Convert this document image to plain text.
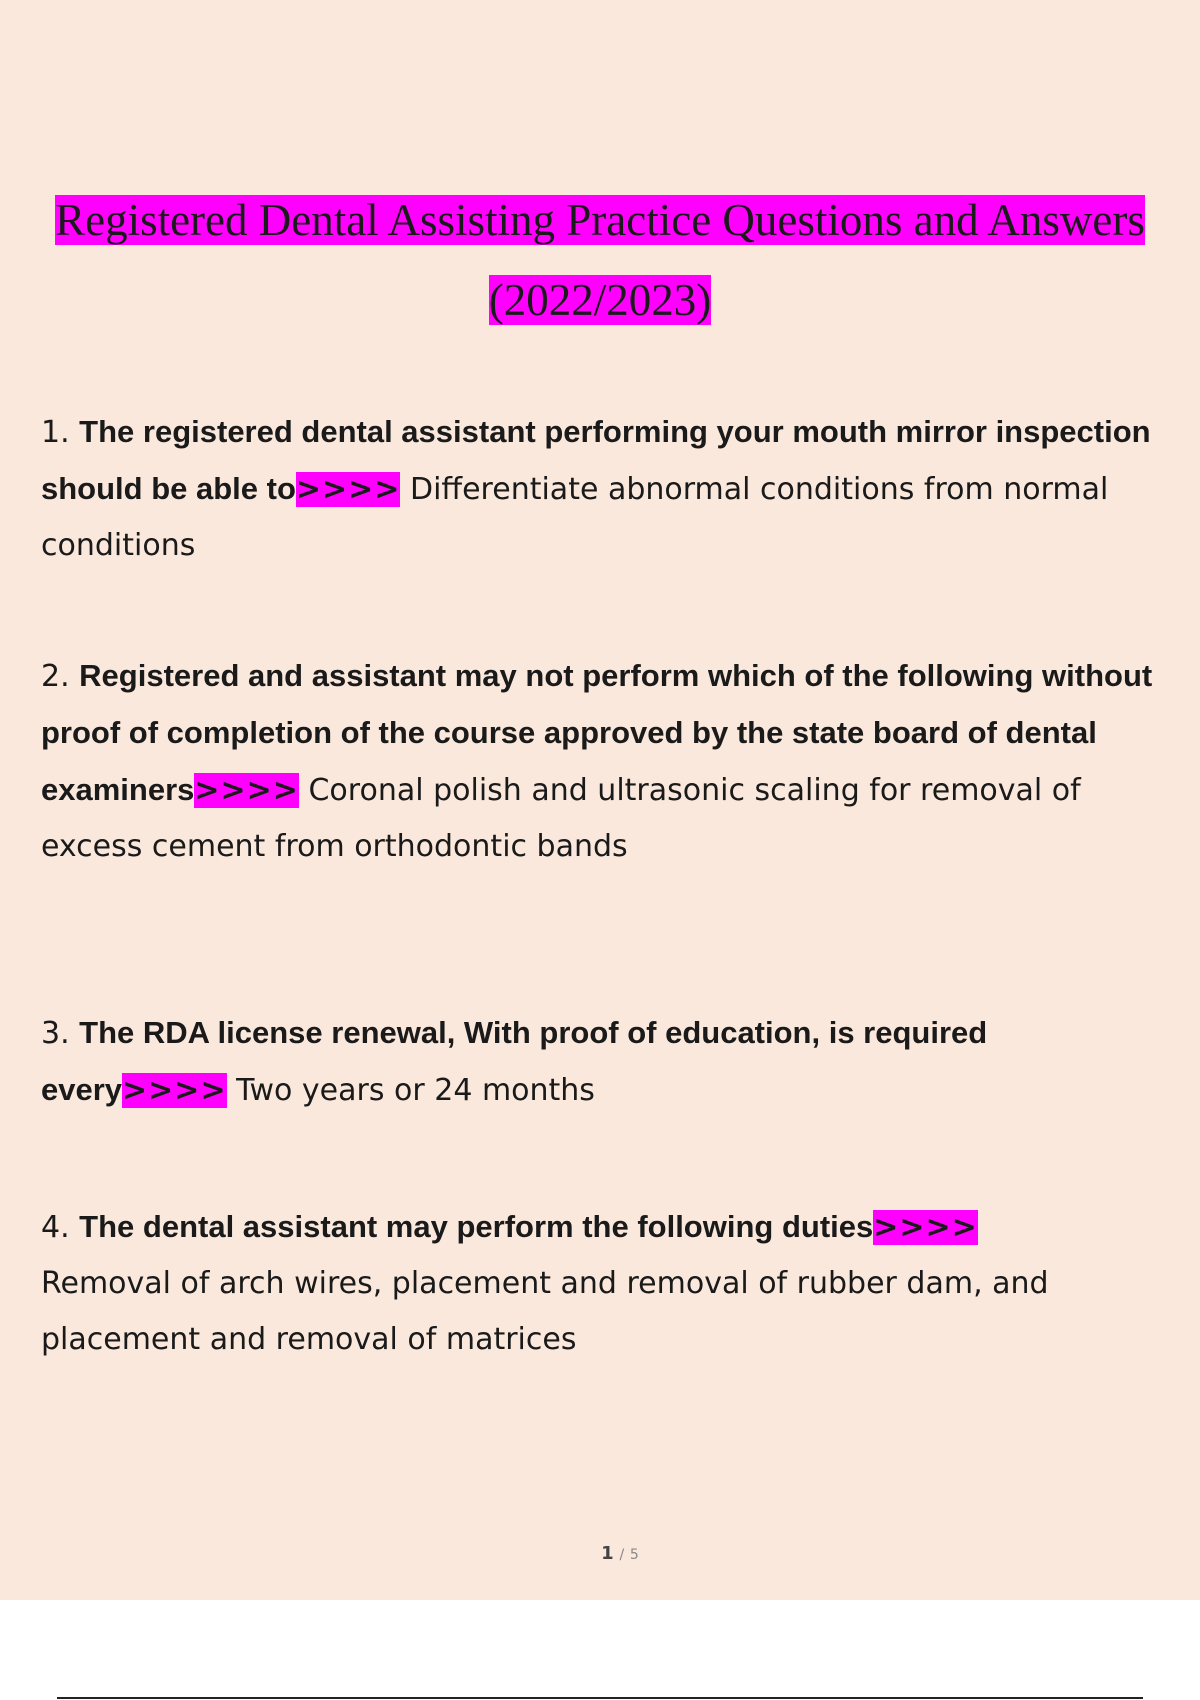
Registered Dental Assisting Practice Questions and Answers
(2022/2023)

1. The registered dental assistant performing your mouth mirror inspection should be able to>>>> Differentiate abnormal conditions from normal conditions

2. Registered and assistant may not perform which of the following without proof of completion of the course approved by the state board of dental examiners>>>> Coronal polish and ultrasonic scaling for removal of excess cement from orthodontic bands

3. The RDA license renewal, With proof of education, is required every>>>> Two years or 24 months

4. The dental assistant may perform the following duties>>>>
Removal of arch wires, placement and removal of rubber dam, and placement and removal of matrices

1 / 5
